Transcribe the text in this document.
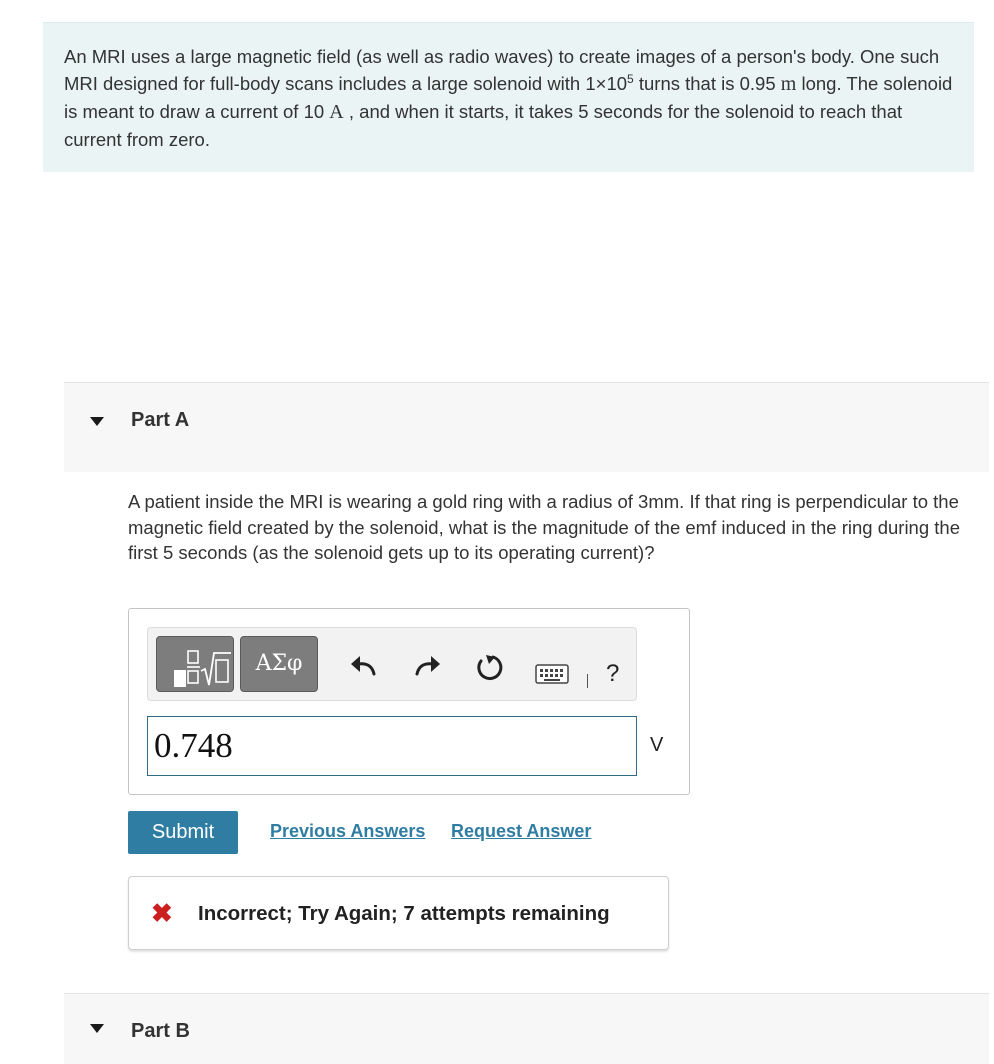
An MRI uses a large magnetic field (as well as radio waves) to create images of a person's body. One such MRI designed for full-body scans includes a large solenoid with $1\times 10^5$ turns that is 0.95 m long. The solenoid is meant to draw a current of 10 A , and when it starts, it takes 5 seconds for the solenoid to reach that current from zero.
Part A
A patient inside the MRI is wearing a gold ring with a radius of 3mm. If that ring is perpendicular to the magnetic field created by the solenoid, what is the magnitude of the emf induced in the ring during the first 5 seconds (as the solenoid gets up to its operating current)?
ΑΣφ	?
0.748	V
Submit	Previous Answers Request Answer
✖ Incorrect; Try Again; 7 attempts remaining
Part B
